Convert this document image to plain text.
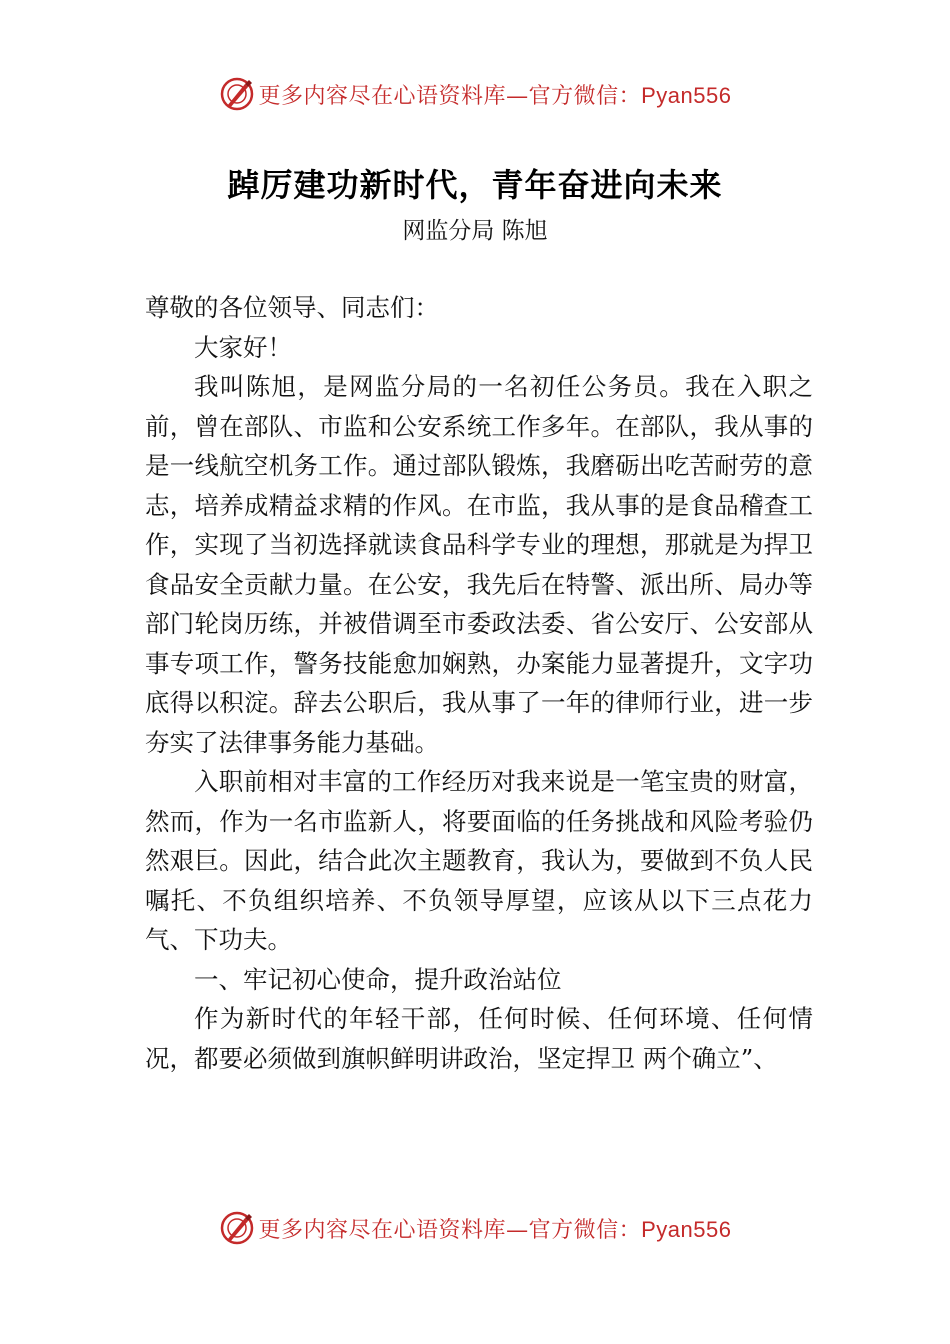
更多内容尽在心语资料库—官方微信：Pyan556
踔厉建功新时代，青年奋进向未来
网监分局 陈旭

尊敬的各位领导、同志们：

大家好！

我叫陈旭，是网监分局的一名初任公务员。我在入职之前，曾在部队、市监和公安系统工作多年。在部队，我从事的是一线航空机务工作。通过部队锻炼，我磨砺出吃苦耐劳的意志，培养成精益求精的作风。在市监，我从事的是食品稽查工作，实现了当初选择就读食品科学专业的理想，那就是为捍卫食品安全贡献力量。在公安，我先后在特警、派出所、局办等部门轮岗历练，并被借调至市委政法委、省公安厅、公安部从事专项工作，警务技能愈加娴熟，办案能力显著提升，文字功底得以积淀。辞去公职后，我从事了一年的律师行业，进一步夯实了法律事务能力基础。

入职前相对丰富的工作经历对我来说是一笔宝贵的财富，然而，作为一名市监新人，将要面临的任务挑战和风险考验仍然艰巨。因此，结合此次主题教育，我认为，要做到不负人民嘱托、不负组织培养、不负领导厚望，应该从以下三点花力气、下功夫。

一、牢记初心使命，提升政治站位

作为新时代的年轻干部，任何时候、任何环境、任何情况，都要必须做到旗帜鲜明讲政治，坚定捍卫 两个确立”、

更多内容尽在心语资料库—官方微信：Pyan556
